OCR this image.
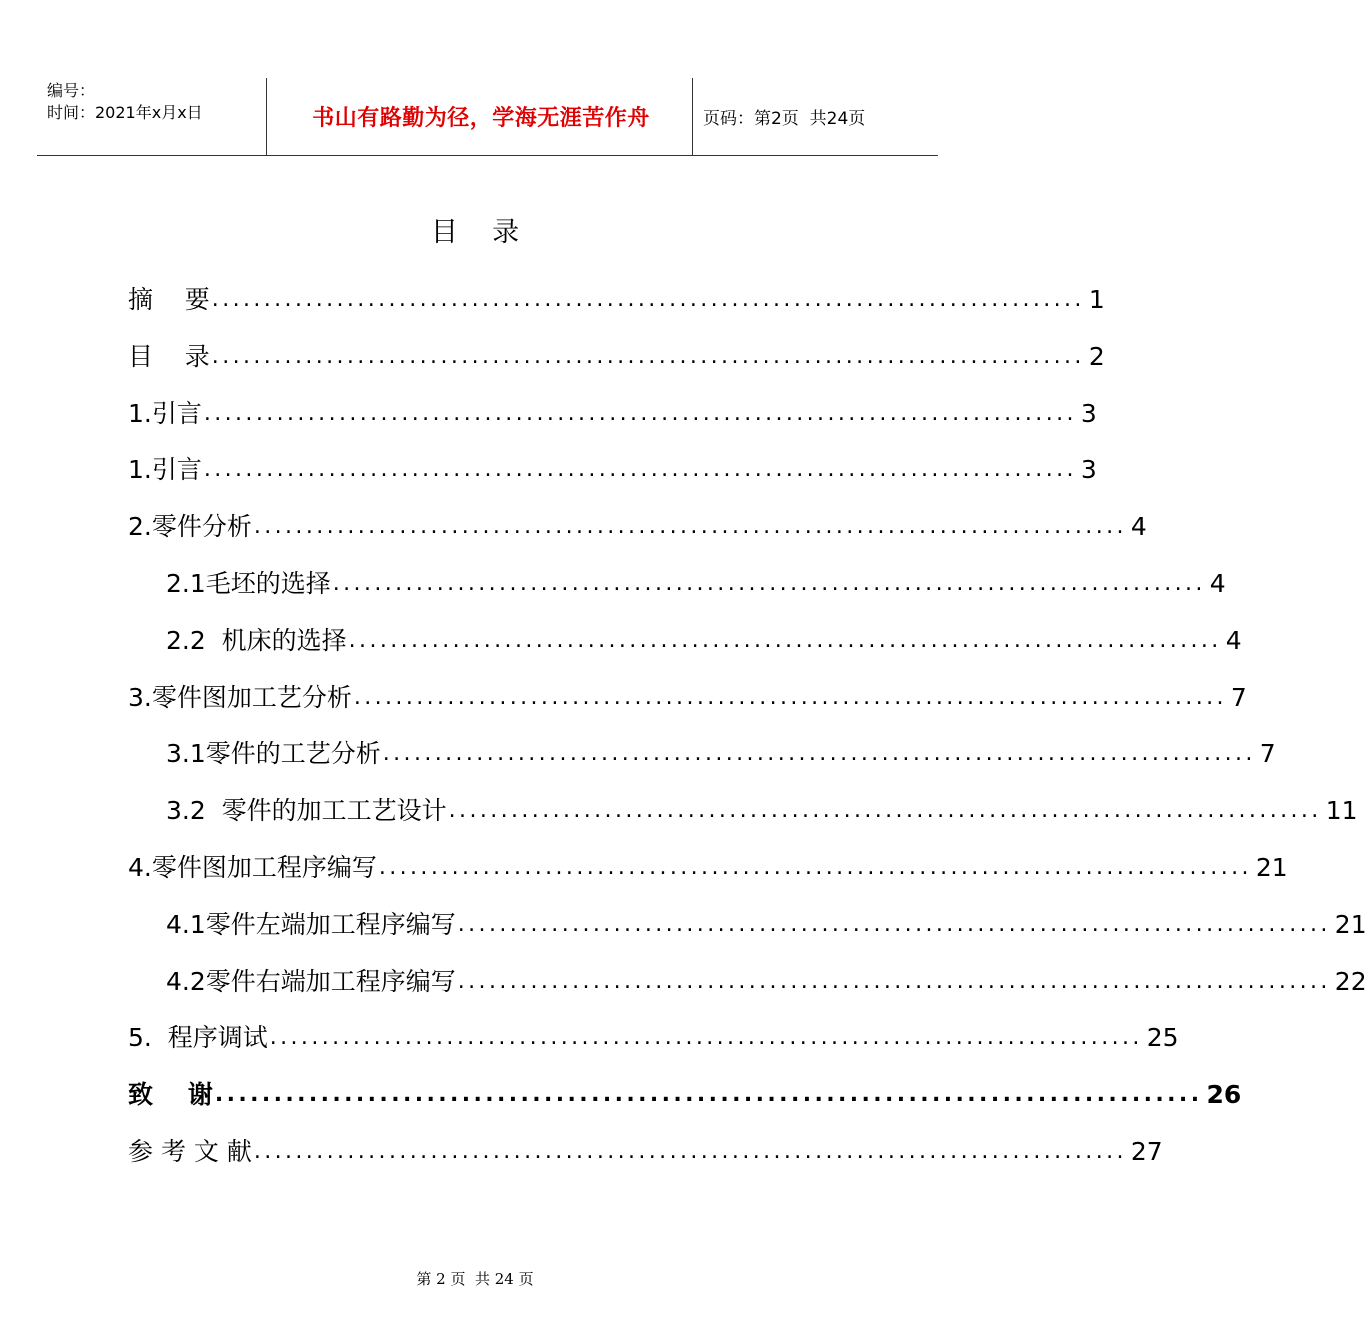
编号：
时间：2021年x月x日	书山有路勤为径，学海无涯苦作舟	页码：第2页  共24页
目    录
摘    要 .................................................................................... 1
目    录 .................................................................................... 2
1.引言 .................................................................................... 3
1.引言 .................................................................................... 3
2.零件分析 .................................................................................... 4
2.1毛坯的选择 .................................................................................... 4
2.2  机床的选择 .................................................................................... 4
3.零件图加工艺分析 .................................................................................... 7
3.1零件的工艺分析 .................................................................................... 7
3.2  零件的加工工艺设计 .................................................................................... 11
4.零件图加工程序编写 .................................................................................... 21
4.1零件左端加工程序编写 .................................................................................... 21
4.2零件右端加工程序编写 .................................................................................... 22
5.  程序调试 .................................................................................... 25
致    谢 .................................................................................... 26
参 考 文 献 .................................................................................... 27
第 2 页  共 24 页
